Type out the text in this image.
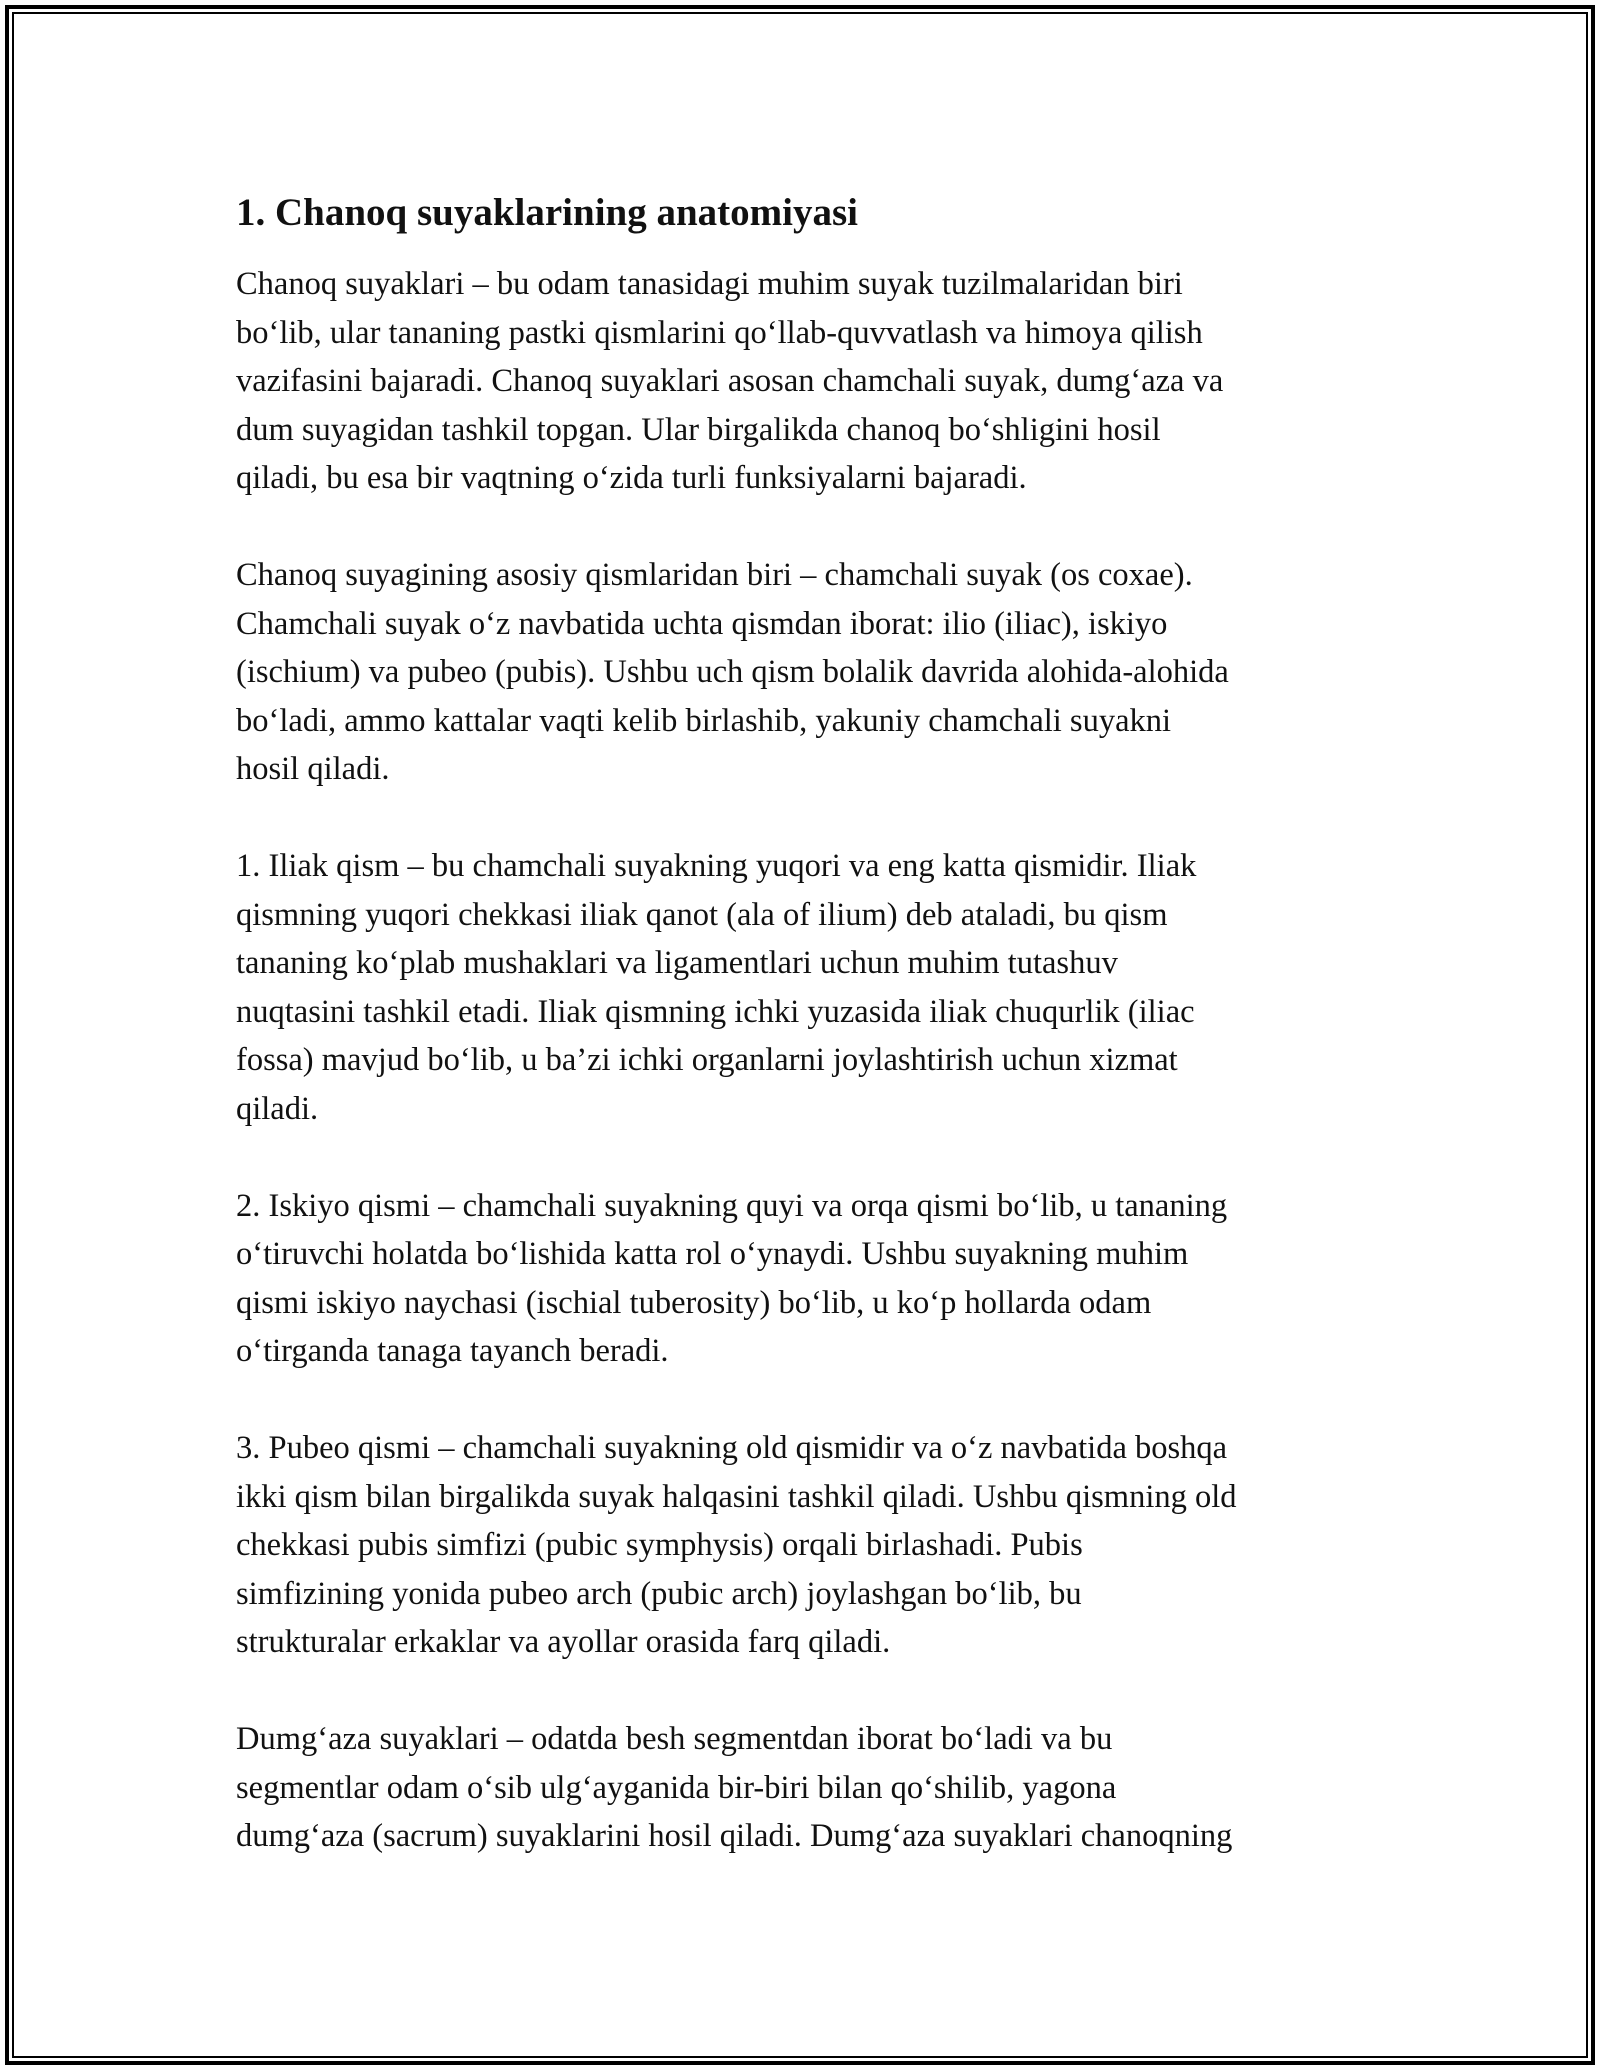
1. Chanoq suyaklarining anatomiyasi

Chanoq suyaklari – bu odam tanasidagi muhim suyak tuzilmalaridan biri
bo‘lib, ular tananing pastki qismlarini qo‘llab-quvvatlash va himoya qilish
vazifasini bajaradi. Chanoq suyaklari asosan chamchali suyak, dumg‘aza va
dum suyagidan tashkil topgan. Ular birgalikda chanoq bo‘shligini hosil
qiladi, bu esa bir vaqtning o‘zida turli funksiyalarni bajaradi.

Chanoq suyagining asosiy qismlaridan biri – chamchali suyak (os coxae).
Chamchali suyak o‘z navbatida uchta qismdan iborat: ilio (iliac), iskiyo
(ischium) va pubeo (pubis). Ushbu uch qism bolalik davrida alohida-alohida
bo‘ladi, ammo kattalar vaqti kelib birlashib, yakuniy chamchali suyakni
hosil qiladi.

1. Iliak qism – bu chamchali suyakning yuqori va eng katta qismidir. Iliak
qismning yuqori chekkasi iliak qanot (ala of ilium) deb ataladi, bu qism
tananing ko‘plab mushaklari va ligamentlari uchun muhim tutashuv
nuqtasini tashkil etadi. Iliak qismning ichki yuzasida iliak chuqurlik (iliac
fossa) mavjud bo‘lib, u ba’zi ichki organlarni joylashtirish uchun xizmat
qiladi.

2. Iskiyo qismi – chamchali suyakning quyi va orqa qismi bo‘lib, u tananing
o‘tiruvchi holatda bo‘lishida katta rol o‘ynaydi. Ushbu suyakning muhim
qismi iskiyo naychasi (ischial tuberosity) bo‘lib, u ko‘p hollarda odam
o‘tirganda tanaga tayanch beradi.

3. Pubeo qismi – chamchali suyakning old qismidir va o‘z navbatida boshqa
ikki qism bilan birgalikda suyak halqasini tashkil qiladi. Ushbu qismning old
chekkasi pubis simfizi (pubic symphysis) orqali birlashadi. Pubis
simfizining yonida pubeo arch (pubic arch) joylashgan bo‘lib, bu
strukturalar erkaklar va ayollar orasida farq qiladi.

Dumg‘aza suyaklari – odatda besh segmentdan iborat bo‘ladi va bu
segmentlar odam o‘sib ulg‘ayganida bir-biri bilan qo‘shilib, yagona
dumg‘aza (sacrum) suyaklarini hosil qiladi. Dumg‘aza suyaklari chanoqning
